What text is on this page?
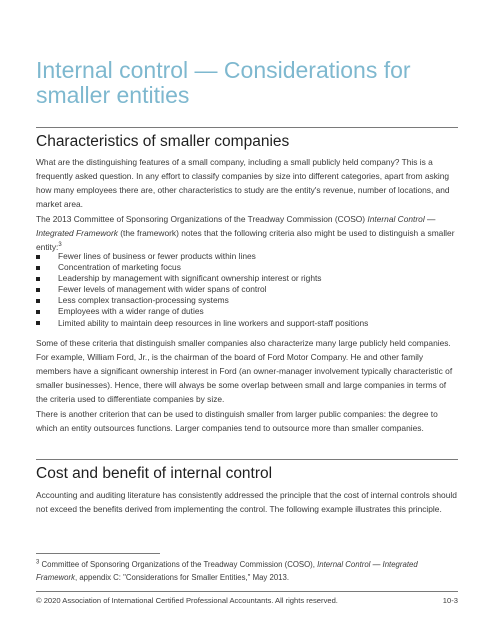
Internal control — Considerations for
smaller entities
Characteristics of smaller companies

What are the distinguishing features of a small company, including a small publicly held company? This is a frequently asked question. In any effort to classify companies by size into different categories, apart from asking how many employees there are, other characteristics to study are the entity's revenue, number of locations, and market area.

The 2013 Committee of Sponsoring Organizations of the Treadway Commission (COSO) Internal Control — Integrated Framework (the framework) notes that the following criteria also might be used to distinguish a smaller entity:$^3$

Fewer lines of business or fewer products within lines
Concentration of marketing focus
Leadership by management with significant ownership interest or rights
Fewer levels of management with wider spans of control
Less complex transaction-processing systems
Employees with a wider range of duties
Limited ability to maintain deep resources in line workers and support-staff positions

Some of these criteria that distinguish smaller companies also characterize many large publicly held companies. For example, William Ford, Jr., is the chairman of the board of Ford Motor Company. He and other family members have a significant ownership interest in Ford (an owner-manager involvement typically characteristic of smaller businesses). Hence, there will always be some overlap between small and large companies in terms of the criteria used to differentiate companies by size.

There is another criterion that can be used to distinguish smaller from larger public companies: the degree to which an entity outsources functions. Larger companies tend to outsource more than smaller companies.

Cost and benefit of internal control

Accounting and auditing literature has consistently addressed the principle that the cost of internal controls should not exceed the benefits derived from implementing the control. The following example illustrates this principle.

$^3$ Committee of Sponsoring Organizations of the Treadway Commission (COSO), Internal Control — Integrated Framework, appendix C: "Considerations for Smaller Entities," May 2013.

© 2020 Association of International Certified Professional Accountants. All rights reserved.	10-3
